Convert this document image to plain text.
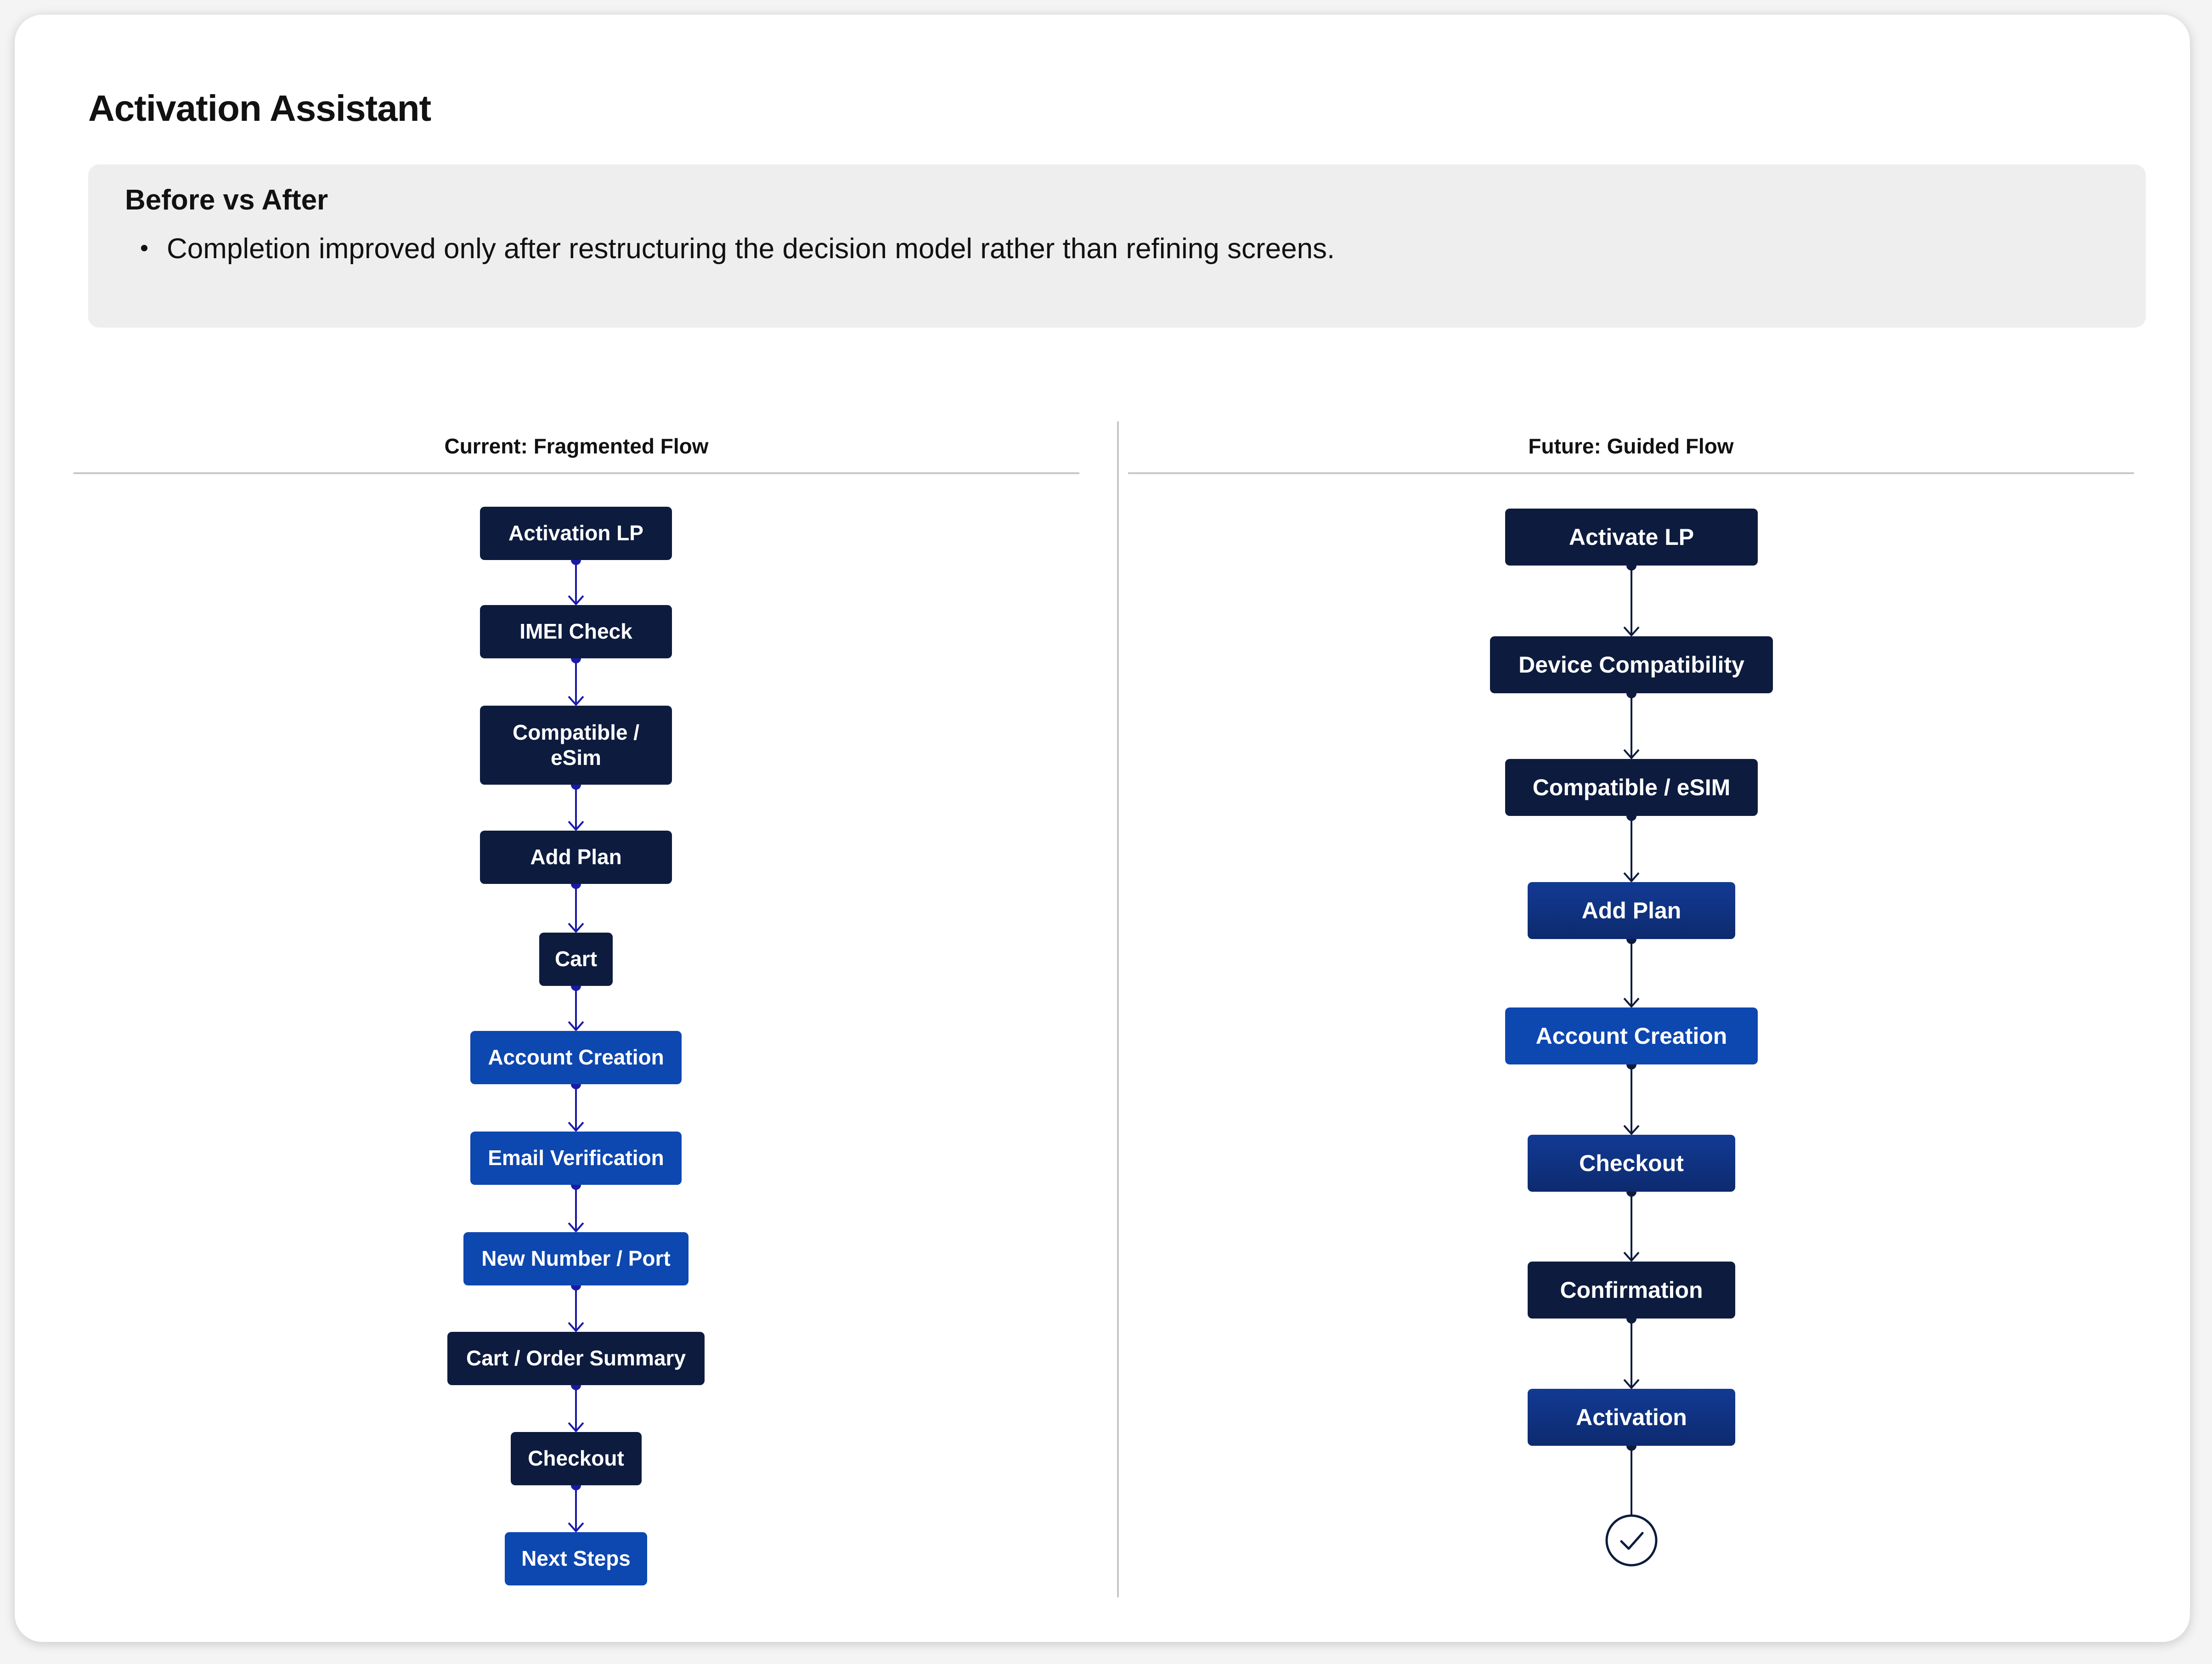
Activation Assistant
Before vs After
Completion improved only after restructuring the decision model rather than refining screens.
Current: Fragmented Flow	Future: Guided Flow
Activation LP
IMEI Check
Compatible /
eSim
Add Plan
Cart
Account Creation
Email Verification
New Number / Port
Cart / Order Summary
Checkout
Next Steps
Activate LP
Device Compatibility
Compatible / eSIM
Add Plan
Account Creation
Checkout
Confirmation
Activation
